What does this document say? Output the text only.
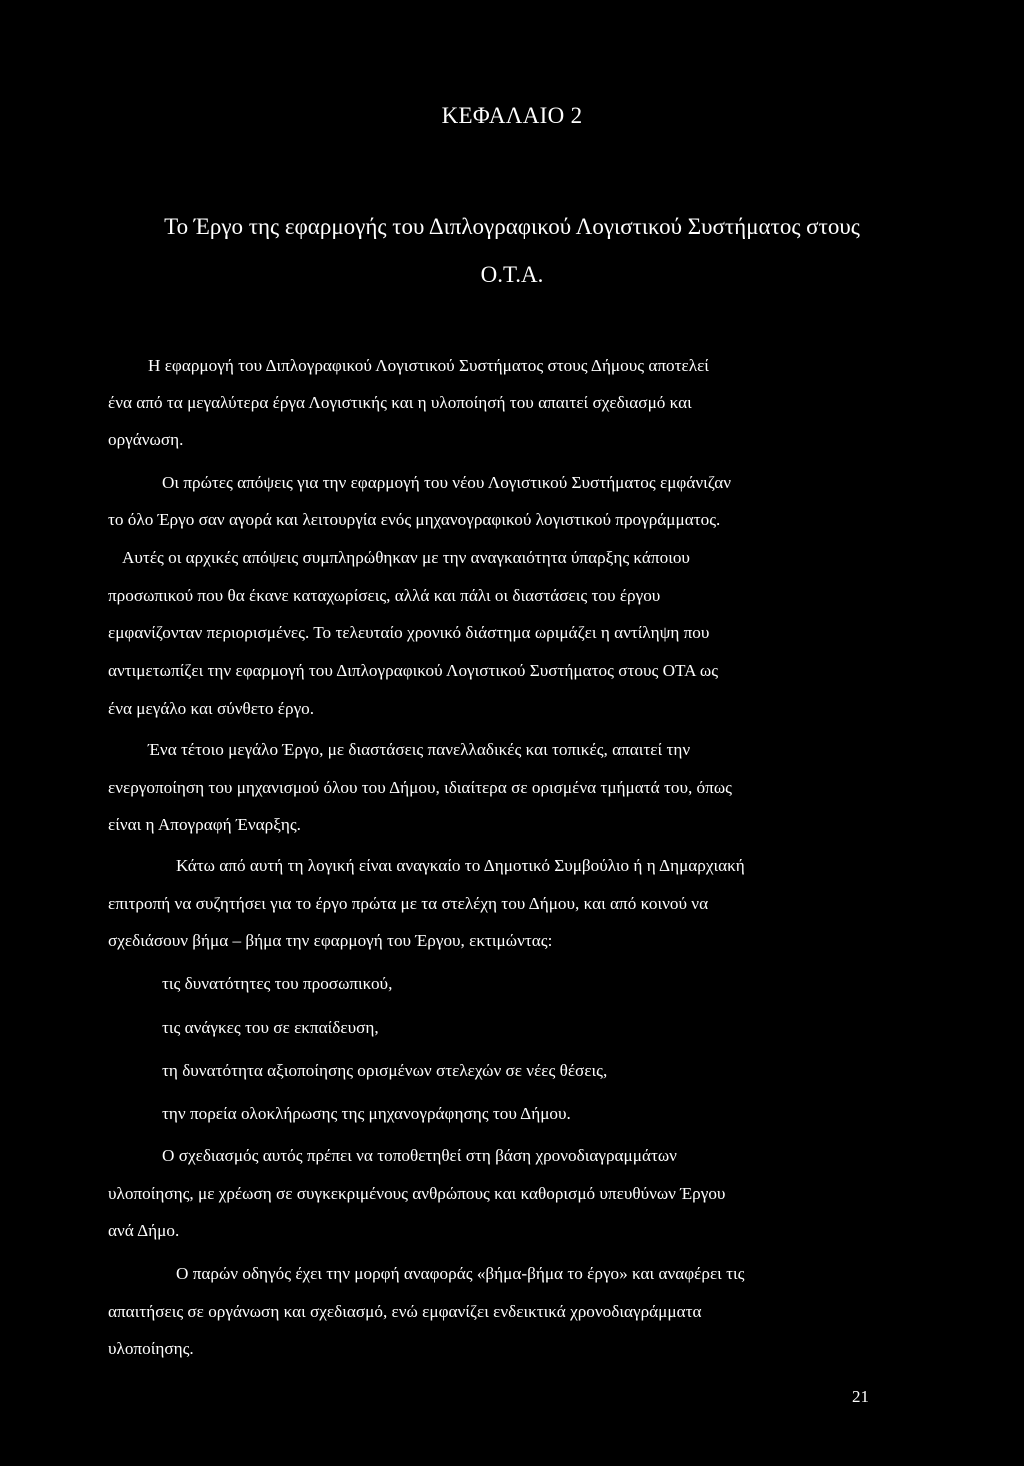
ΚΕΦΑΛΑΙΟ 2
Το Έργο της εφαρμογής του Διπλογραφικού Λογιστικού Συστήματος στους
Ο.Τ.Α.
Η εφαρμογή του Διπλογραφικού Λογιστικού Συστήματος στους Δήμους αποτελεί
ένα από τα μεγαλύτερα έργα Λογιστικής και η υλοποίησή του απαιτεί σχεδιασμό και
οργάνωση.
Οι πρώτες απόψεις για την εφαρμογή του νέου Λογιστικού Συστήματος εμφάνιζαν
το όλο Έργο σαν αγορά και λειτουργία ενός μηχανογραφικού λογιστικού προγράμματος.
Αυτές οι αρχικές απόψεις συμπληρώθηκαν με την αναγκαιότητα ύπαρξης κάποιου
προσωπικού που θα έκανε καταχωρίσεις, αλλά και πάλι οι διαστάσεις του έργου
εμφανίζονταν περιορισμένες. Το τελευταίο χρονικό διάστημα ωριμάζει η αντίληψη που
αντιμετωπίζει την εφαρμογή του Διπλογραφικού Λογιστικού Συστήματος στους ΟΤΑ ως
ένα μεγάλο και σύνθετο έργο.
Ένα τέτοιο μεγάλο Έργο, με διαστάσεις πανελλαδικές και τοπικές, απαιτεί την
ενεργοποίηση του μηχανισμού όλου του Δήμου, ιδιαίτερα σε ορισμένα τμήματά του, όπως
είναι η Απογραφή Έναρξης.
Κάτω από αυτή τη λογική είναι αναγκαίο το Δημοτικό Συμβούλιο ή η Δημαρχιακή
επιτροπή να συζητήσει για το έργο πρώτα με τα στελέχη του Δήμου, και από κοινού να
σχεδιάσουν βήμα – βήμα την εφαρμογή του Έργου, εκτιμώντας:
τις δυνατότητες του προσωπικού,
τις ανάγκες του σε εκπαίδευση,
τη δυνατότητα αξιοποίησης ορισμένων στελεχών σε νέες θέσεις,
την πορεία ολοκλήρωσης της μηχανογράφησης του Δήμου.
Ο σχεδιασμός αυτός πρέπει να τοποθετηθεί στη βάση χρονοδιαγραμμάτων
υλοποίησης, με χρέωση σε συγκεκριμένους ανθρώπους και καθορισμό υπευθύνων Έργου
ανά Δήμο.
Ο παρών οδηγός έχει την μορφή αναφοράς «βήμα-βήμα το έργο» και αναφέρει τις
απαιτήσεις σε οργάνωση και σχεδιασμό, ενώ εμφανίζει ενδεικτικά χρονοδιαγράμματα
υλοποίησης.
21
